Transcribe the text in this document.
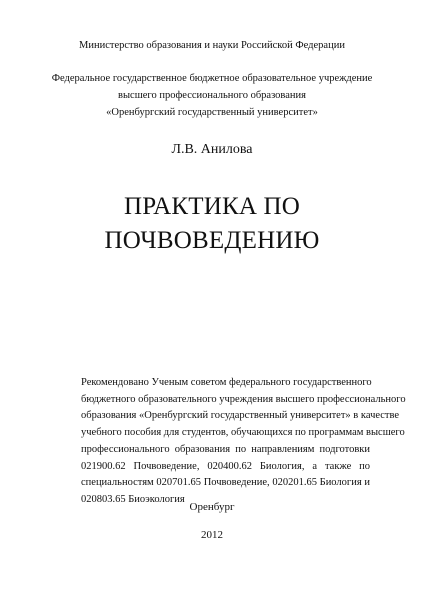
Министерство образования и науки Российской Федерации
Федеральное государственное бюджетное образовательное учреждение
высшего профессионального образования
«Оренбургский государственный университет»
Л.В. Анилова
ПРАКТИКА ПО
ПОЧВОВЕДЕНИЮ
Рекомендовано Ученым советом федерального государственного
бюджетного образовательного учреждения высшего профессионального
образования «Оренбургский государственный университет» в качестве
учебного пособия для студентов, обучающихся по программам высшего
профессионального образования по направлениям подготовки
021900.62 Почвоведение, 020400.62 Биология, а также по
специальностям 020701.65 Почвоведение, 020201.65 Биология и
020803.65 Биоэкология
Оренбург
2012
